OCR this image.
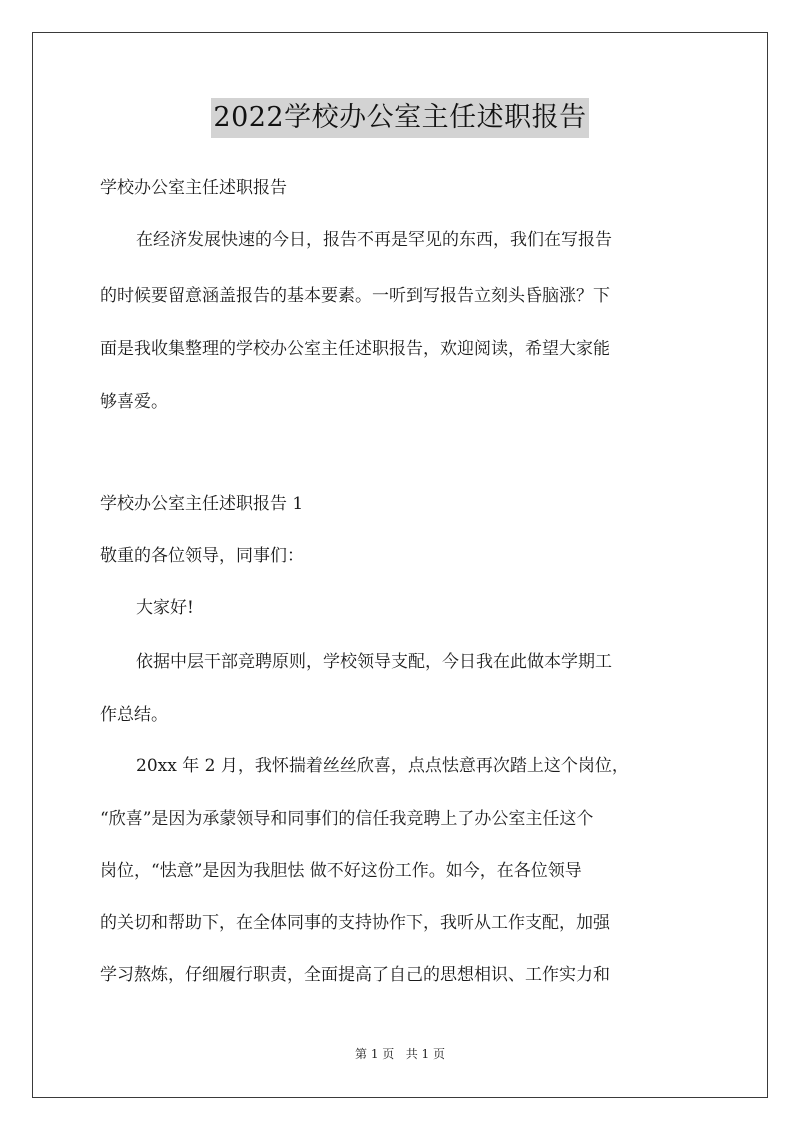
2022学校办公室主任述职报告
学校办公室主任述职报告
在经济发展快速的今日，报告不再是罕见的东西，我们在写报告
的时候要留意涵盖报告的基本要素。一听到写报告立刻头昏脑涨？下
面是我收集整理的学校办公室主任述职报告，欢迎阅读，希望大家能
够喜爱。
学校办公室主任述职报告 1
敬重的各位领导，同事们：
大家好!
依据中层干部竞聘原则，学校领导支配，今日我在此做本学期工
作总结。
20xx 年 2 月，我怀揣着丝丝欣喜，点点怯意再次踏上这个岗位，
“欣喜”是因为承蒙领导和同事们的信任我竞聘上了办公室主任这个
岗位，“怯意”是因为我胆怯 做不好这份工作。如今，在各位领导
的关切和帮助下，在全体同事的支持协作下，我听从工作支配，加强
学习熬炼，仔细履行职责，全面提高了自己的思想相识、工作实力和
第 1 页   共 1 页
